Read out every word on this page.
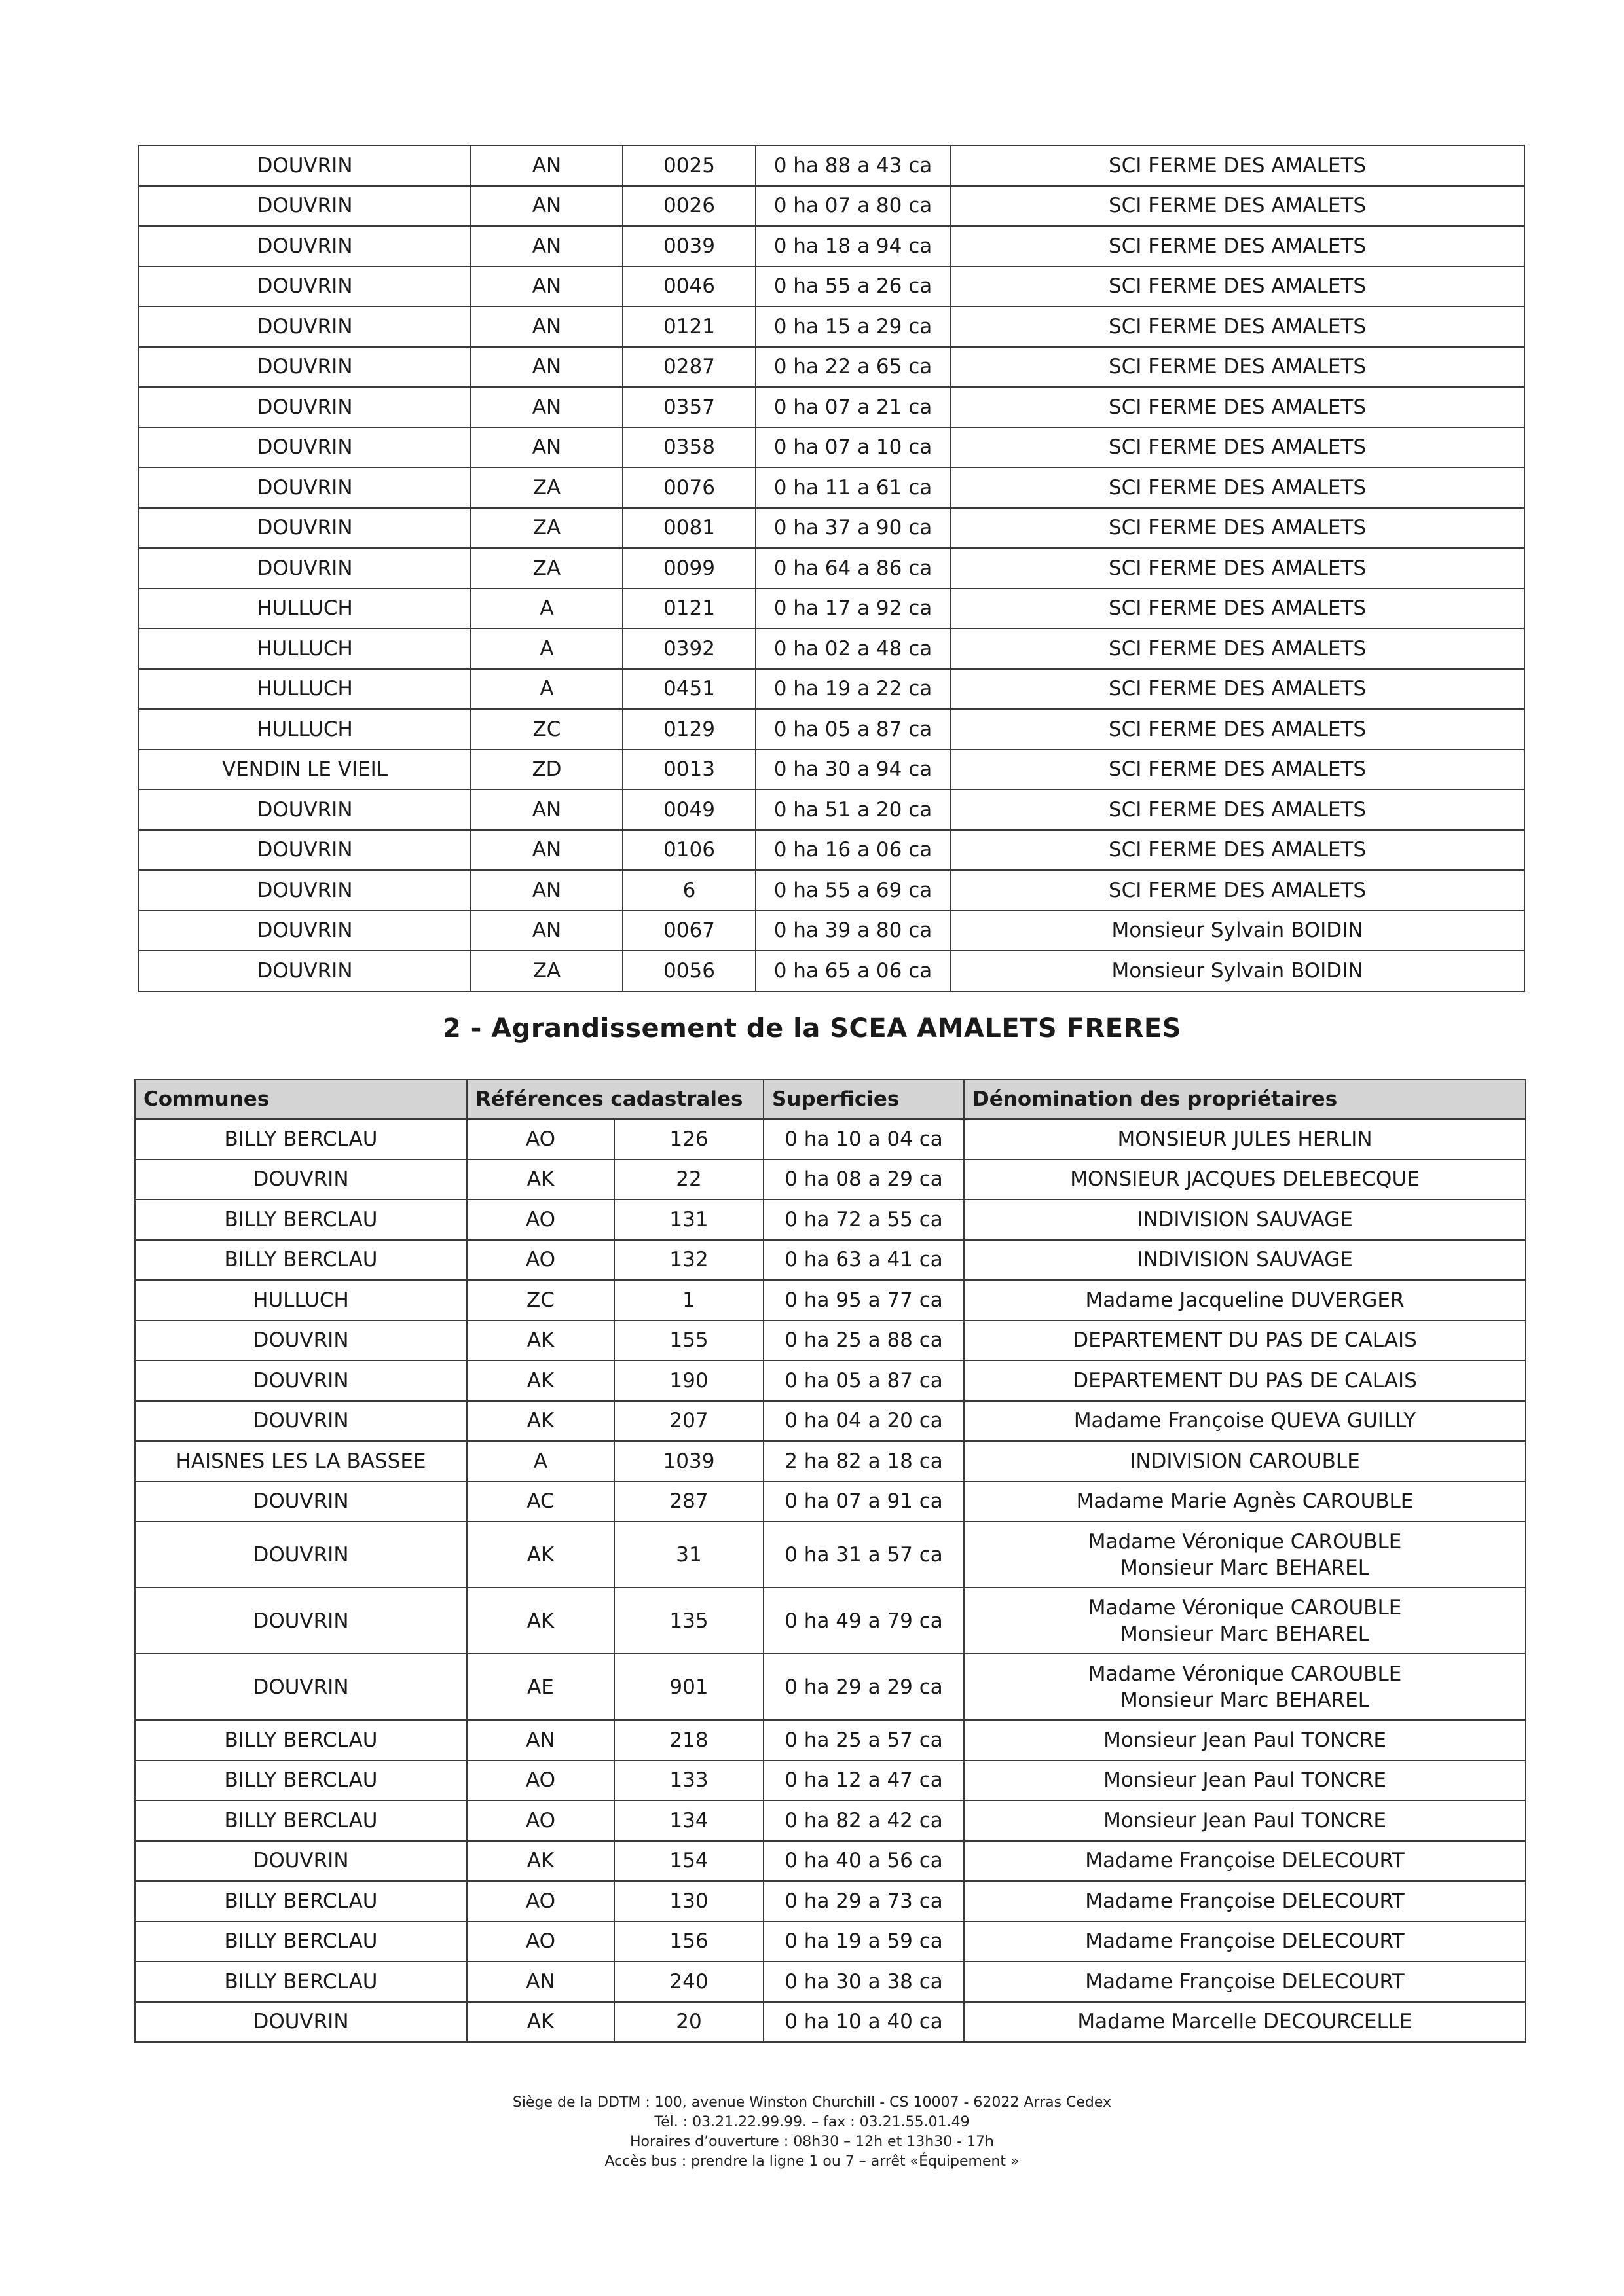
DOUVRIN	AN	0025	0 ha 88 a 43 ca	SCI FERME DES AMALETS
DOUVRIN	AN	0026	0 ha 07 a 80 ca	SCI FERME DES AMALETS
DOUVRIN	AN	0039	0 ha 18 a 94 ca	SCI FERME DES AMALETS
DOUVRIN	AN	0046	0 ha 55 a 26 ca	SCI FERME DES AMALETS
DOUVRIN	AN	0121	0 ha 15 a 29 ca	SCI FERME DES AMALETS
DOUVRIN	AN	0287	0 ha 22 a 65 ca	SCI FERME DES AMALETS
DOUVRIN	AN	0357	0 ha 07 a 21 ca	SCI FERME DES AMALETS
DOUVRIN	AN	0358	0 ha 07 a 10 ca	SCI FERME DES AMALETS
DOUVRIN	ZA	0076	0 ha 11 a 61 ca	SCI FERME DES AMALETS
DOUVRIN	ZA	0081	0 ha 37 a 90 ca	SCI FERME DES AMALETS
DOUVRIN	ZA	0099	0 ha 64 a 86 ca	SCI FERME DES AMALETS
HULLUCH	A	0121	0 ha 17 a 92 ca	SCI FERME DES AMALETS
HULLUCH	A	0392	0 ha 02 a 48 ca	SCI FERME DES AMALETS
HULLUCH	A	0451	0 ha 19 a 22 ca	SCI FERME DES AMALETS
HULLUCH	ZC	0129	0 ha 05 a 87 ca	SCI FERME DES AMALETS
VENDIN LE VIEIL	ZD	0013	0 ha 30 a 94 ca	SCI FERME DES AMALETS
DOUVRIN	AN	0049	0 ha 51 a 20 ca	SCI FERME DES AMALETS
DOUVRIN	AN	0106	0 ha 16 a 06 ca	SCI FERME DES AMALETS
DOUVRIN	AN	6	0 ha 55 a 69 ca	SCI FERME DES AMALETS
DOUVRIN	AN	0067	0 ha 39 a 80 ca	Monsieur Sylvain BOIDIN
DOUVRIN	ZA	0056	0 ha 65 a 06 ca	Monsieur Sylvain BOIDIN
2 - Agrandissement de la SCEA AMALETS FRERES
Communes	Références cadastrales		Superficies	Dénomination des propriétaires
BILLY BERCLAU	AO	126	0 ha 10 a 04 ca	MONSIEUR JULES HERLIN

DOUVRIN	AK	22	0 ha 08 a 29 ca	MONSIEUR JACQUES DELEBECQUE

BILLY BERCLAU	AO	131	0 ha 72 a 55 ca	INDIVISION SAUVAGE

BILLY BERCLAU	AO	132	0 ha 63 a 41 ca	INDIVISION SAUVAGE

HULLUCH	ZC	1	0 ha 95 a 77 ca	Madame Jacqueline DUVERGER

DOUVRIN	AK	155	0 ha 25 a 88 ca	DEPARTEMENT DU PAS DE CALAIS

DOUVRIN	AK	190	0 ha 05 a 87 ca	DEPARTEMENT DU PAS DE CALAIS

DOUVRIN	AK	207	0 ha 04 a 20 ca	Madame Françoise QUEVA GUILLY

HAISNES LES LA BASSEE	A	1039	2 ha 82 a 18 ca	INDIVISION CAROUBLE

DOUVRIN	AC	287	0 ha 07 a 91 ca	Madame Marie Agnès CAROUBLE

DOUVRIN	AK	31	0 ha 31 a 57 ca	Madame Véronique CAROUBLE
Monsieur Marc BEHAREL

DOUVRIN	AK	135	0 ha 49 a 79 ca	Madame Véronique CAROUBLE
Monsieur Marc BEHAREL

DOUVRIN	AE	901	0 ha 29 a 29 ca	Madame Véronique CAROUBLE
Monsieur Marc BEHAREL

BILLY BERCLAU	AN	218	0 ha 25 a 57 ca	Monsieur Jean Paul TONCRE

BILLY BERCLAU	AO	133	0 ha 12 a 47 ca	Monsieur Jean Paul TONCRE

BILLY BERCLAU	AO	134	0 ha 82 a 42 ca	Monsieur Jean Paul TONCRE

DOUVRIN	AK	154	0 ha 40 a 56 ca	Madame Françoise DELECOURT

BILLY BERCLAU	AO	130	0 ha 29 a 73 ca	Madame Françoise DELECOURT

BILLY BERCLAU	AO	156	0 ha 19 a 59 ca	Madame Françoise DELECOURT

BILLY BERCLAU	AN	240	0 ha 30 a 38 ca	Madame Françoise DELECOURT

DOUVRIN	AK	20	0 ha 10 a 40 ca	Madame Marcelle DECOURCELLE
Siège de la DDTM : 100, avenue Winston Churchill - CS 10007 - 62022 Arras Cedex
Tél. : 03.21.22.99.99. – fax : 03.21.55.01.49
Horaires d’ouverture : 08h30 – 12h et 13h30 - 17h
Accès bus : prendre la ligne 1 ou 7 – arrêt «Équipement »
